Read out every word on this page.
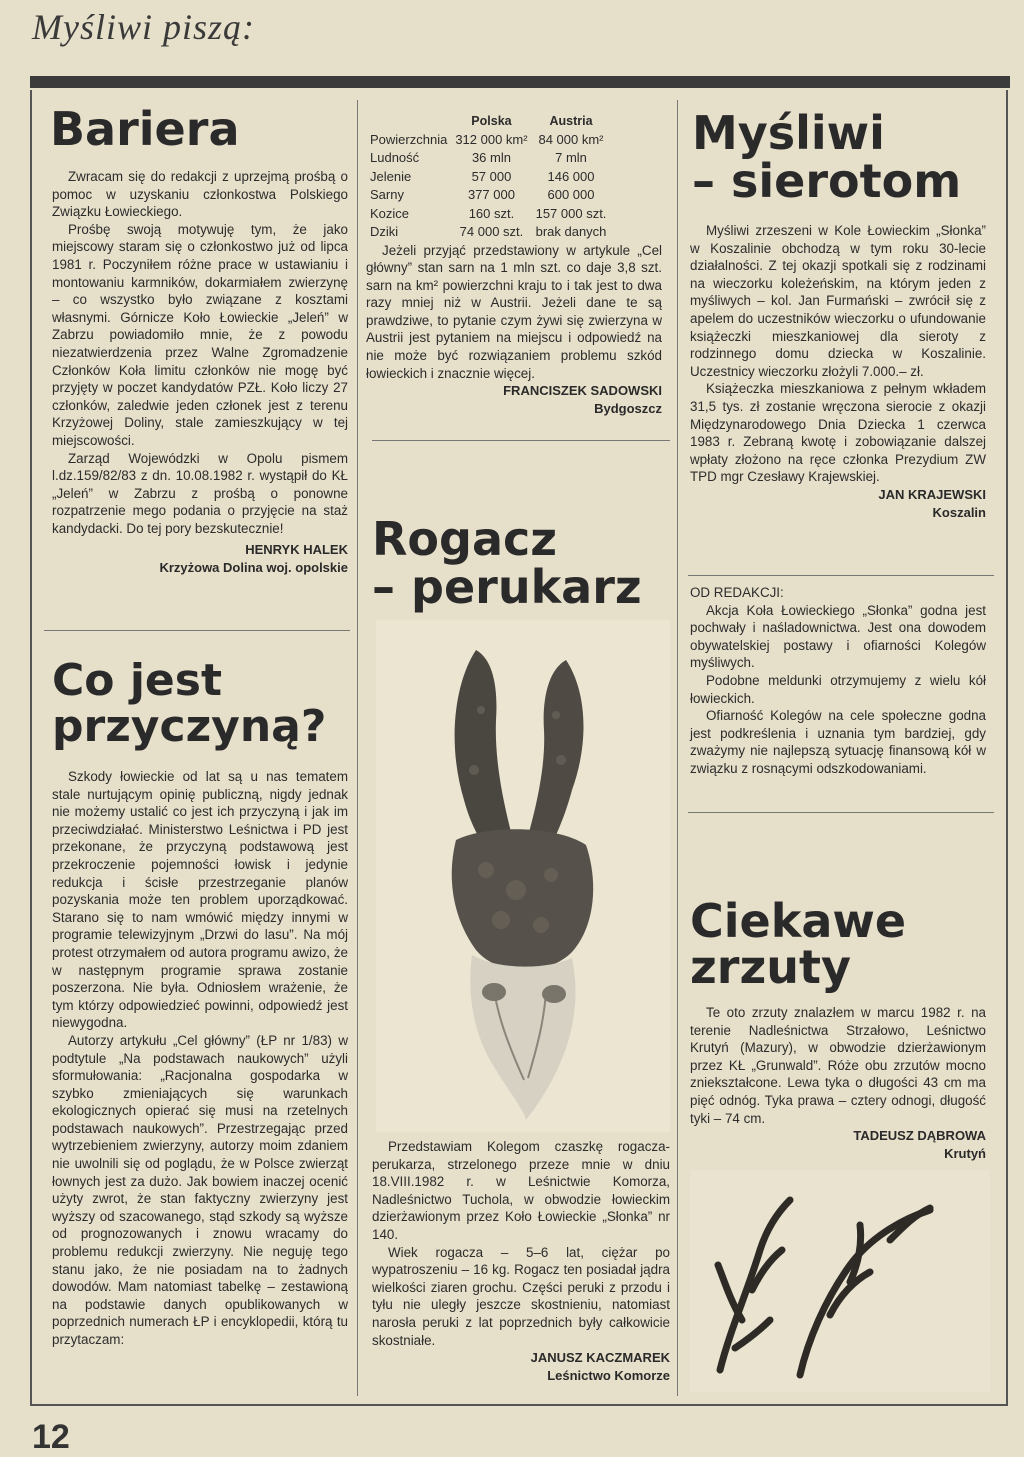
Myśliwi piszą:
Bariera
Zwracam się do redakcji z uprzejmą prośbą o pomoc w uzyskaniu członkostwa Polskiego Związku Łowieckiego.
Prośbę swoją motywuję tym, że jako miejscowy staram się o członkostwo już od lipca 1981 r. Poczyniłem różne prace w ustawianiu i montowaniu karmników, dokarmiałem zwierzynę – co wszystko było związane z kosztami własnymi. Górnicze Koło Łowieckie „Jeleń” w Zabrzu powiadomiło mnie, że z powodu niezatwierdzenia przez Walne Zgromadzenie Członków Koła limitu członków nie mogę być przyjęty w poczet kandydatów PZŁ. Koło liczy 27 członków, zaledwie jeden członek jest z terenu Krzyżowej Doliny, stale zamieszkujący w tej miejscowości.
Zarząd Wojewódzki w Opolu pismem l.dz.159/82/83 z dn. 10.08.1982 r. wystąpił do KŁ „Jeleń” w Zabrzu z prośbą o ponowne rozpatrzenie mego podania o przyjęcie na staż kandydacki. Do tej pory bezskutecznie!
HENRYK HALEK
Krzyżowa Dolina woj. opolskie
Co jest
przyczyną?
Szkody łowieckie od lat są u nas tematem stale nurtującym opinię publiczną, nigdy jednak nie możemy ustalić co jest ich przyczyną i jak im przeciwdziałać. Ministerstwo Leśnictwa i PD jest przekonane, że przyczyną podstawową jest przekroczenie pojemności łowisk i jedynie redukcja i ścisłe przestrzeganie planów pozyskania może ten problem uporządkować. Starano się to nam wmówić między innymi w programie telewizyjnym „Drzwi do lasu”. Na mój protest otrzymałem od autora programu awizo, że w następnym programie sprawa zostanie poszerzona. Nie była. Odniosłem wrażenie, że tym którzy odpowiedzieć powinni, odpowiedź jest niewygodna.
Autorzy artykułu „Cel główny” (ŁP nr 1/83) w podtytule „Na podstawach naukowych” użyli sformułowania: „Racjonalna gospodarka w szybko zmieniających się warunkach ekologicznych opierać się musi na rzetelnych podstawach naukowych”. Przestrzegając przed wytrzebieniem zwierzyny, autorzy moim zdaniem nie uwolnili się od poglądu, że w Polsce zwierząt łownych jest za dużo. Jak bowiem inaczej ocenić użyty zwrot, że stan faktyczny zwierzyny jest wyższy od szacowanego, stąd szkody są wyższe od prognozowanych i znowu wracamy do problemu redukcji zwierzyny. Nie neguję tego stanu jako, że nie posiadam na to żadnych dowodów. Mam natomiast tabelkę – zestawioną na podstawie danych opublikowanych w poprzednich numerach ŁP i encyklopedii, którą tu przytaczam:
	Polska	Austria
Powierzchnia	312 000 km²	84 000 km²
Ludność	36 mln	7 mln
Jelenie	57 000	146 000
Sarny	377 000	600 000
Kozice	160 szt.	157 000 szt.
Dziki	74 000 szt.	brak danych
Jeżeli przyjąć przedstawiony w artykule „Cel główny” stan sarn na 1 mln szt. co daje 3,8 szt. sarn na km² powierzchni kraju to i tak jest to dwa razy mniej niż w Austrii. Jeżeli dane te są prawdziwe, to pytanie czym żywi się zwierzyna w Austrii jest pytaniem na miejscu i odpowiedź na nie może być rozwiązaniem problemu szkód łowieckich i znacznie więcej.
FRANCISZEK SADOWSKI
Bydgoszcz
Rogacz
– perukarz
Przedstawiam Kolegom czaszkę rogacza-perukarza, strzelonego przeze mnie w dniu 18.VIII.1982 r. w Leśnictwie Komorza, Nadleśnictwo Tuchola, w obwodzie łowieckim dzierżawionym przez Koło Łowieckie „Słonka” nr 140.
Wiek rogacza – 5–6 lat, ciężar po wypatroszeniu – 16 kg. Rogacz ten posiadał jądra wielkości ziaren grochu. Części peruki z przodu i tyłu nie uległy jeszcze skostnieniu, natomiast narosła peruki z lat poprzednich były całkowicie skostniałe.
JANUSZ KACZMAREK
Leśnictwo Komorze
Myśliwi
– sierotom
Myśliwi zrzeszeni w Kole Łowieckim „Słonka” w Koszalinie obchodzą w tym roku 30-lecie działalności. Z tej okazji spotkali się z rodzinami na wieczorku koleżeńskim, na którym jeden z myśliwych – kol. Jan Furmański – zwrócił się z apelem do uczestników wieczorku o ufundowanie książeczki mieszkaniowej dla sieroty z rodzinnego domu dziecka w Koszalinie. Uczestnicy wieczorku złożyli 7.000.– zł.
Książeczka mieszkaniowa z pełnym wkładem 31,5 tys. zł zostanie wręczona sierocie z okazji Międzynarodowego Dnia Dziecka 1 czerwca 1983 r. Zebraną kwotę i zobowiązanie dalszej wpłaty złożono na ręce członka Prezydium ZW TPD mgr Czesławy Krajewskiej.
JAN KRAJEWSKI
Koszalin
OD REDAKCJI:
Akcja Koła Łowieckiego „Słonka” godna jest pochwały i naśladownictwa. Jest ona dowodem obywatelskiej postawy i ofiarności Kolegów myśliwych.
Podobne meldunki otrzymujemy z wielu kół łowieckich.
Ofiarność Kolegów na cele społeczne godna jest podkreślenia i uznania tym bardziej, gdy zważymy nie najlepszą sytuację finansową kół w związku z rosnącymi odszkodowaniami.
Ciekawe
zrzuty
Te oto zrzuty znalazłem w marcu 1982 r. na terenie Nadleśnictwa Strzałowo, Leśnictwo Krutyń (Mazury), w obwodzie dzierżawionym przez KŁ „Grunwald”. Róże obu zrzutów mocno zniekształcone. Lewa tyka o długości 43 cm ma pięć odnóg. Tyka prawa – cztery odnogi, długość tyki – 74 cm.
TADEUSZ DĄBROWA
Krutyń
12
